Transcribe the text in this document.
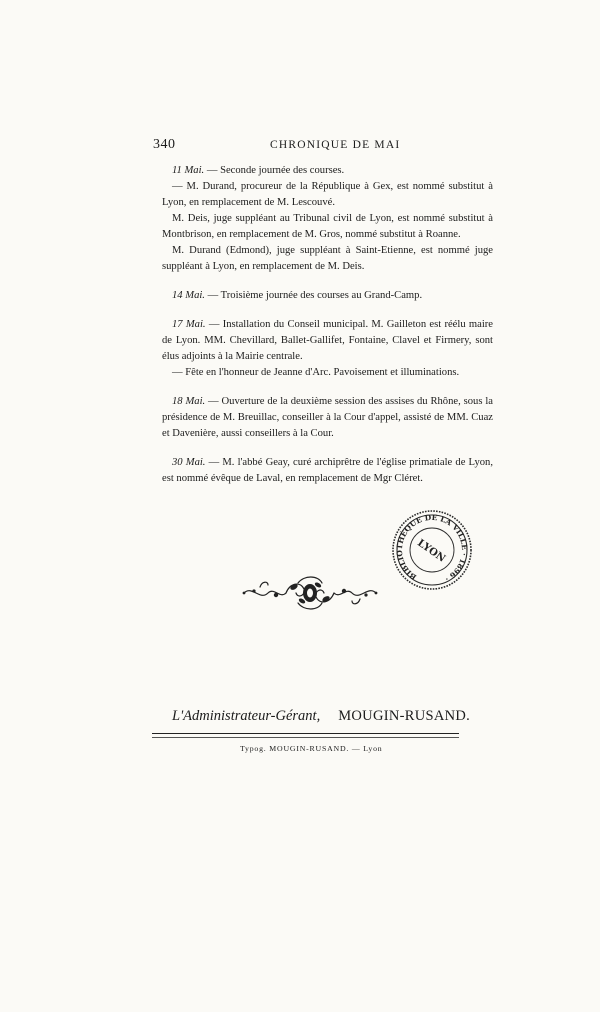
340	CHRONIQUE DE MAI

11 Mai. — Seconde journée des courses.

— M. Durand, procureur de la République à Gex, est nommé substitut à Lyon, en remplacement de M. Lescouvé.

M. Deis, juge suppléant au Tribunal civil de Lyon, est nommé substitut à Montbrison, en remplacement de M. Gros, nommé substitut à Roanne.

M. Durand (Edmond), juge suppléant à Saint-Etienne, est nommé juge suppléant à Lyon, en remplacement de M. Deis.

14 Mai. — Troisième journée des courses au Grand-Camp.

17 Mai. — Installation du Conseil municipal. M. Gailleton est réélu maire de Lyon. MM. Chevillard, Ballet-Gallifet, Fontaine, Clavel et Firmery, sont élus adjoints à la Mairie centrale.

— Fête en l'honneur de Jeanne d'Arc. Pavoisement et illuminations.

18 Mai. — Ouverture de la deuxième session des assises du Rhône, sous la présidence de M. Breuillac, conseiller à la Cour d'appel, assisté de MM. Cuaz et Davenière, aussi conseillers à la Cour.

30 Mai. — M. l'abbé Geay, curé archiprêtre de l'église primatiale de Lyon, est nommé évêque de Laval, en remplacement de Mgr Cléret.

BIBLIOTHÈQUE DE LA VILLE · 1896 ·
LYON
L'Administrateur-Gérant, MOUGIN-RUSAND.
Typog. MOUGIN-RUSAND. — Lyon
